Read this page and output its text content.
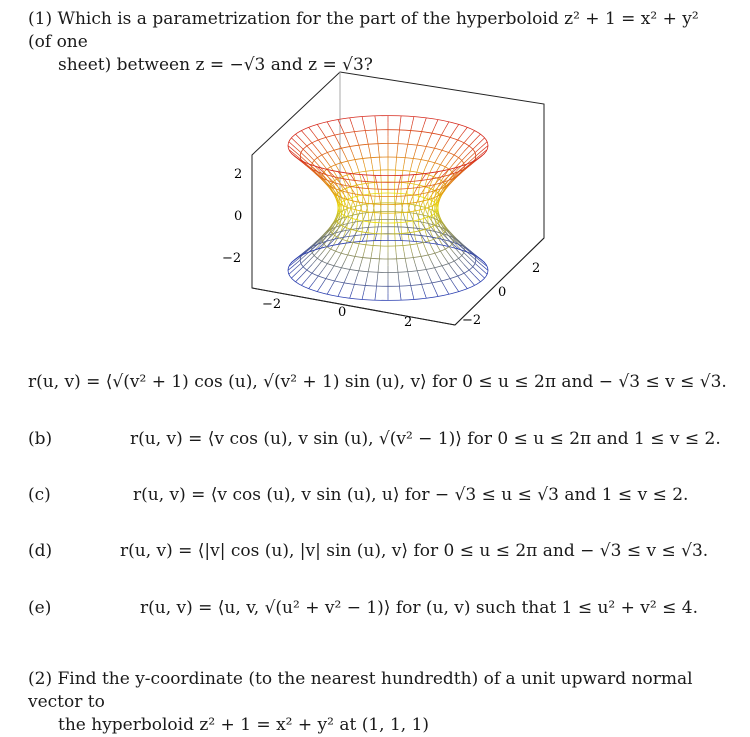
(1) Which is a parametrization for the part of the hyperboloid z² + 1 = x² + y² (of one
sheet) between z = −√3 and z = √3?
2
0
−2
−2
0
2	−2
0
2
r(u, v) = ⟨√(v² + 1) cos (u), √(v² + 1) sin (u), v⟩ for 0 ≤ u ≤ 2π and − √3 ≤ v ≤ √3.
(b)	r(u, v) = ⟨v cos (u), v sin (u), √(v² − 1)⟩ for 0 ≤ u ≤ 2π and 1 ≤ v ≤ 2.
(c)	r(u, v) = ⟨v cos (u), v sin (u), u⟩ for − √3 ≤ u ≤ √3 and 1 ≤ v ≤ 2.
(d)	r(u, v) = ⟨|v| cos (u), |v| sin (u), v⟩ for 0 ≤ u ≤ 2π and − √3 ≤ v ≤ √3.
(e)	r(u, v) = ⟨u, v, √(u² + v² − 1)⟩ for (u, v) such that 1 ≤ u² + v² ≤ 4.
(2) Find the y-coordinate (to the nearest hundredth) of a unit upward normal vector to
the hyperboloid z² + 1 = x² + y² at (1, 1, 1)
